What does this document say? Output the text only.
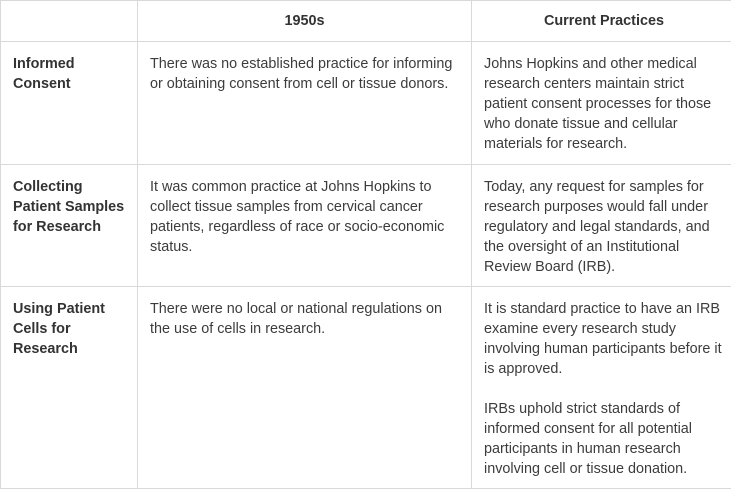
	1950s	Current Practices
Informed Consent	There was no established practice for informing or obtaining consent from cell or tissue donors.	Johns Hopkins and other medical research centers maintain strict patient consent processes for those who donate tissue and cellular materials for research.

Collecting Patient Samples for Research	It was common practice at Johns Hopkins to collect tissue samples from cervical cancer patients, regardless of race or socio-economic status.	Today, any request for samples for research purposes would fall under regulatory and legal standards, and the oversight of an Institutional Review Board (IRB).

Using Patient Cells for Research	There were no local or national regulations on the use of cells in research.	It is standard practice to have an IRB examine every research study involving human participants before it is approved.

IRBs uphold strict standards of informed consent for all potential participants in human research involving cell or tissue donation.
